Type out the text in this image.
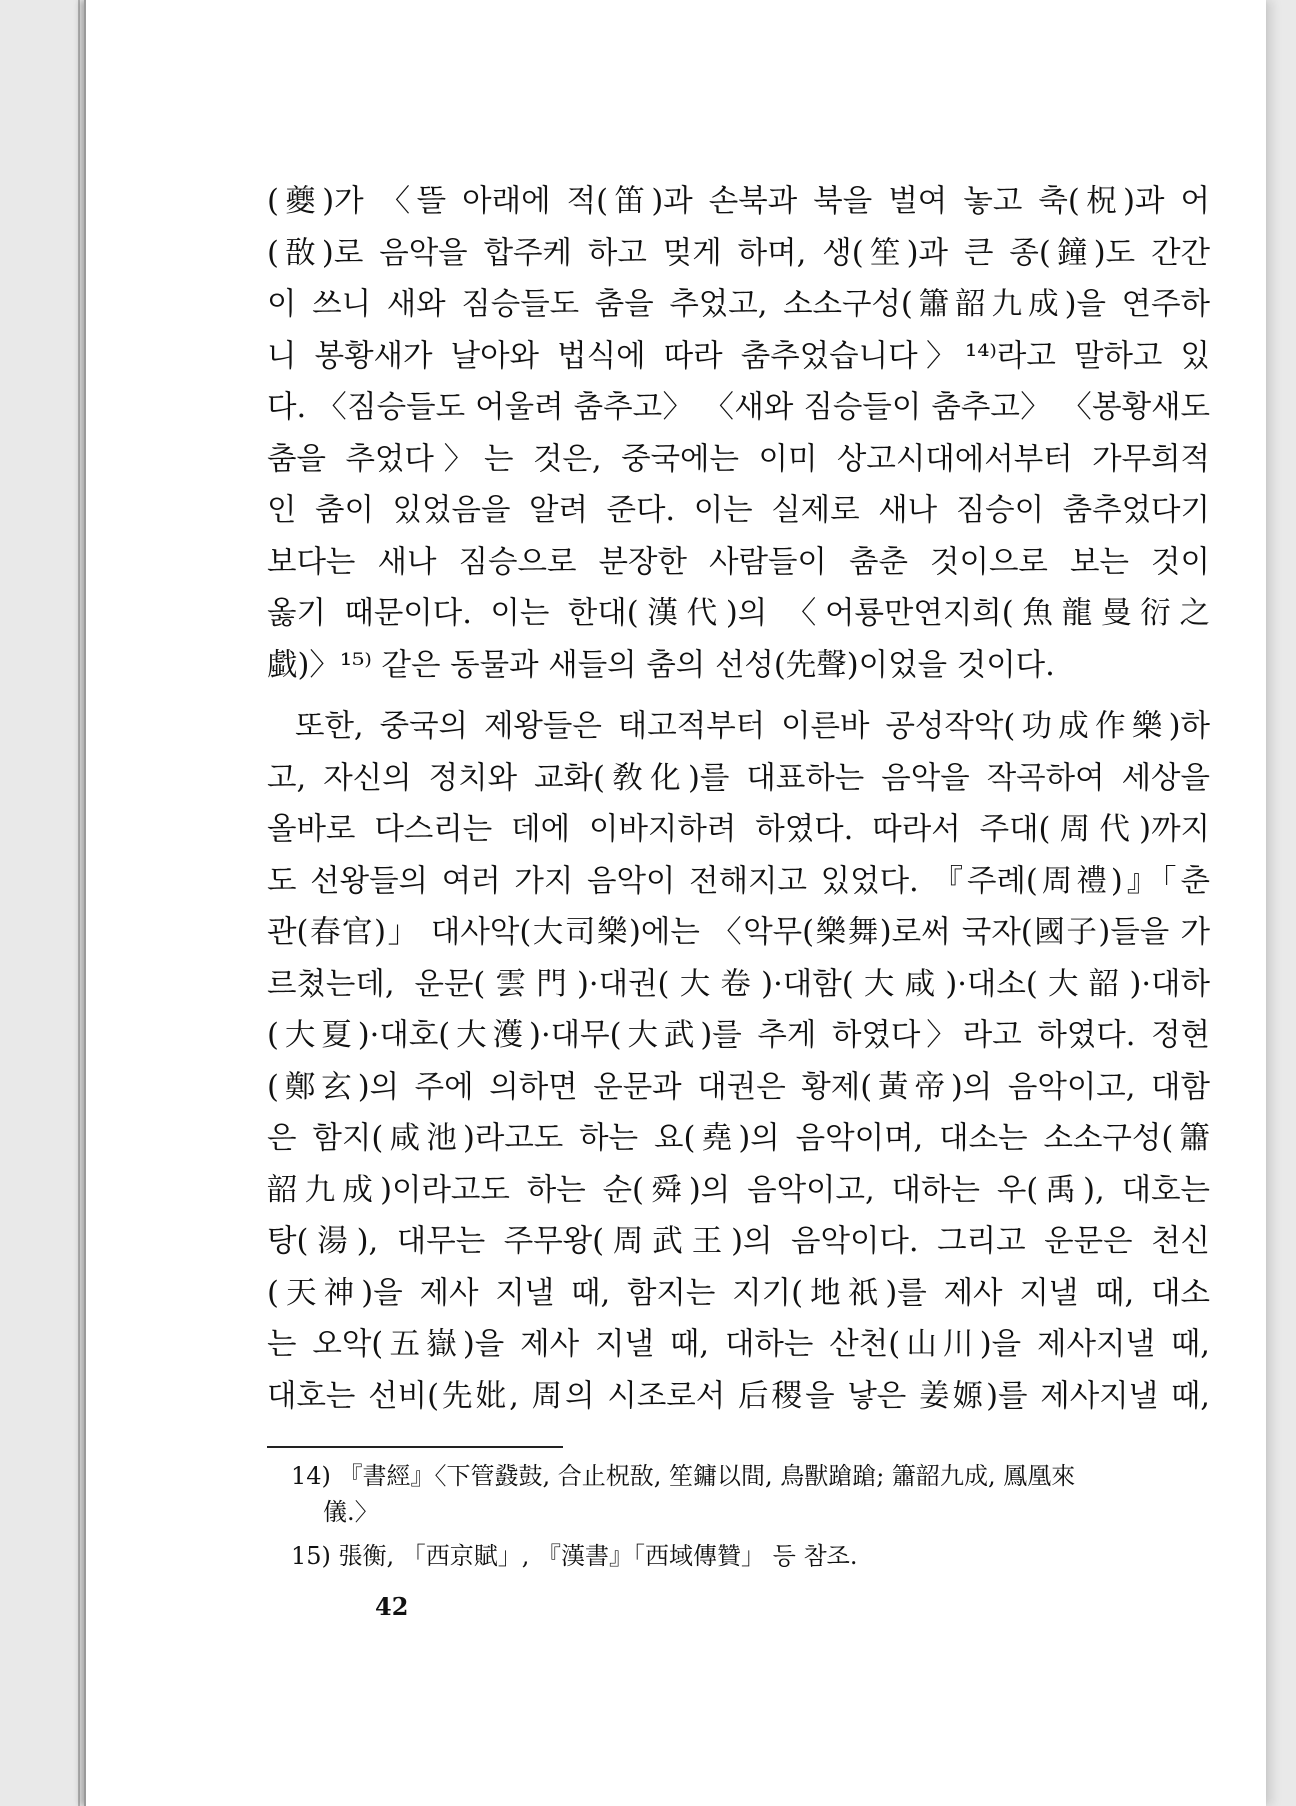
(夔)가 〈뜰 아래에 적(笛)과 손북과 북을 벌여 놓고 축(柷)과 어
(敔)로 음악을 합주케 하고 멎게 하며, 생(笙)과 큰 종(鐘)도 간간
이 쓰니 새와 짐승들도 춤을 추었고, 소소구성(簫韶九成)을 연주하
니 봉황새가 날아와 법식에 따라 춤추었습니다〉¹⁴⁾라고 말하고 있
다. 〈짐승들도 어울려 춤추고〉 〈새와 짐승들이 춤추고〉 〈봉황새도
춤을 추었다〉는 것은, 중국에는 이미 상고시대에서부터 가무희적
인 춤이 있었음을 알려 준다. 이는 실제로 새나 짐승이 춤추었다기
보다는 새나 짐승으로 분장한 사람들이 춤춘 것이으로 보는 것이
옳기 때문이다. 이는 한대(漢代)의 〈어룡만연지희(魚龍曼衍之
戱)〉¹⁵⁾ 같은 동물과 새들의 춤의 선성(先聲)이었을 것이다.
또한, 중국의 제왕들은 태고적부터 이른바 공성작악(功成作樂)하
고, 자신의 정치와 교화(敎化)를 대표하는 음악을 작곡하여 세상을
올바로 다스리는 데에 이바지하려 하였다. 따라서 주대(周代)까지
도 선왕들의 여러 가지 음악이 전해지고 있었다. 『주례(周禮)』「춘
관(春官)」 대사악(大司樂)에는 〈악무(樂舞)로써 국자(國子)들을 가
르쳤는데, 운문(雲門)·대권(大卷)·대함(大咸)·대소(大韶)·대하
(大夏)·대호(大濩)·대무(大武)를 추게 하였다〉라고 하였다. 정현
(鄭玄)의 주에 의하면 운문과 대권은 황제(黃帝)의 음악이고, 대함
은 함지(咸池)라고도 하는 요(堯)의 음악이며, 대소는 소소구성(簫
韶九成)이라고도 하는 순(舜)의 음악이고, 대하는 우(禹), 대호는
탕(湯), 대무는 주무왕(周武王)의 음악이다. 그리고 운문은 천신
(天神)을 제사 지낼 때, 함지는 지기(地祇)를 제사 지낼 때, 대소
는 오악(五嶽)을 제사 지낼 때, 대하는 산천(山川)을 제사지낼 때,
대호는 선비(先妣, 周의 시조로서 后稷을 낳은 姜嫄)를 제사지낼 때,
14) 『書經』〈下管鼗鼓, 合止柷敔, 笙鏞以間, 鳥獸蹌蹌; 簫韶九成, 鳳凰來
儀.〉
15) 張衡, 「西京賦」, 『漢書』「西域傳贊」 등 참조.
42
